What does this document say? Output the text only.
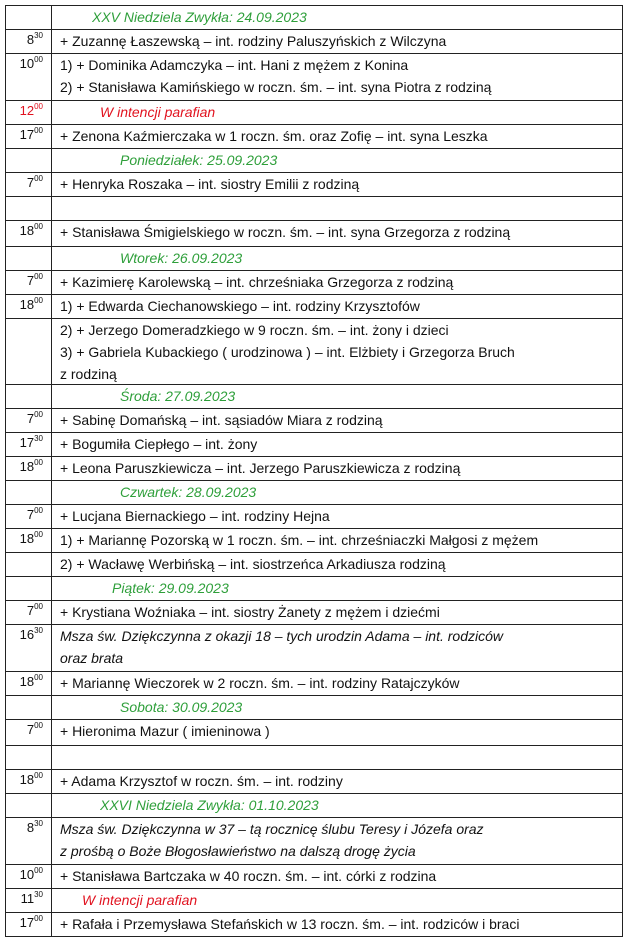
XXV Niedziela Zwykła: 24.09.2023
$8^{30}$ + Zuzannę Łaszewską – int. rodziny Paluszyńskich z Wilczyna
$10^{00}$ 1) + Dominika Adamczyka – int. Hani z mężem z Konina
2) + Stanisława Kamińskiego w roczn. śm. – int. syna Piotra z rodziną
$12^{00}$	W intencji parafian
$17^{00}$ + Zenona Kaźmierczaka w 1 roczn. śm. oraz Zofię – int. syna Leszka
Poniedziałek: 25.09.2023
$7^{00}$ + Henryka Roszaka – int. siostry Emilii z rodziną
$18^{00}$ + Stanisława Śmigielskiego w roczn. śm. – int. syna Grzegorza z rodziną
Wtorek: 26.09.2023
$7^{00}$ + Kazimierę Karolewską – int. chrześniaka Grzegorza z rodziną
$18^{00}$ 1) + Edwarda Ciechanowskiego – int. rodziny Krzysztofów
2) + Jerzego Domeradzkiego w 9 roczn. śm. – int. żony i dzieci
3) + Gabriela Kubackiego ( urodzinowa ) – int. Elżbiety i Grzegorza Bruch
z rodziną
Środa: 27.09.2023
$7^{00}$ + Sabinę Domańską – int. sąsiadów Miara z rodziną
$17^{30}$ + Bogumiła Ciepłego – int. żony
$18^{00}$ + Leona Paruszkiewicza – int. Jerzego Paruszkiewicza z rodziną
Czwartek: 28.09.2023
$7^{00}$ + Lucjana Biernackiego – int. rodziny Hejna
$18^{00}$ 1) + Mariannę Pozorską w 1 roczn. śm. – int. chrześniaczki Małgosi z mężem
2) + Wacławę Werbińską – int. siostrzeńca Arkadiusza rodziną
Piątek: 29.09.2023
$7^{00}$ + Krystiana Woźniaka – int. siostry Żanety z mężem i dziećmi
$16^{30}$ Msza św. Dziękczynna z okazji 18 – tych urodzin Adama – int. rodziców
oraz brata
$18^{00}$ + Mariannę Wieczorek w 2 roczn. śm. – int. rodziny Ratajczyków
Sobota: 30.09.2023
$7^{00}$ + Hieronima Mazur ( imieninowa )
$18^{00}$ + Adama Krzysztof w roczn. śm. – int. rodziny
XXVI Niedziela Zwykła: 01.10.2023
$8^{30}$ Msza św. Dziękczynna w 37 – tą rocznicę ślubu Teresy i Józefa oraz
z prośbą o Boże Błogosławieństwo na dalszą drogę życia
$10^{00}$ + Stanisława Bartczaka w 40 roczn. śm. – int. córki z rodzina
$11^{30}$	W intencji parafian
$17^{00}$ + Rafała i Przemysława Stefańskich w 13 roczn. śm. – int. rodziców i braci
